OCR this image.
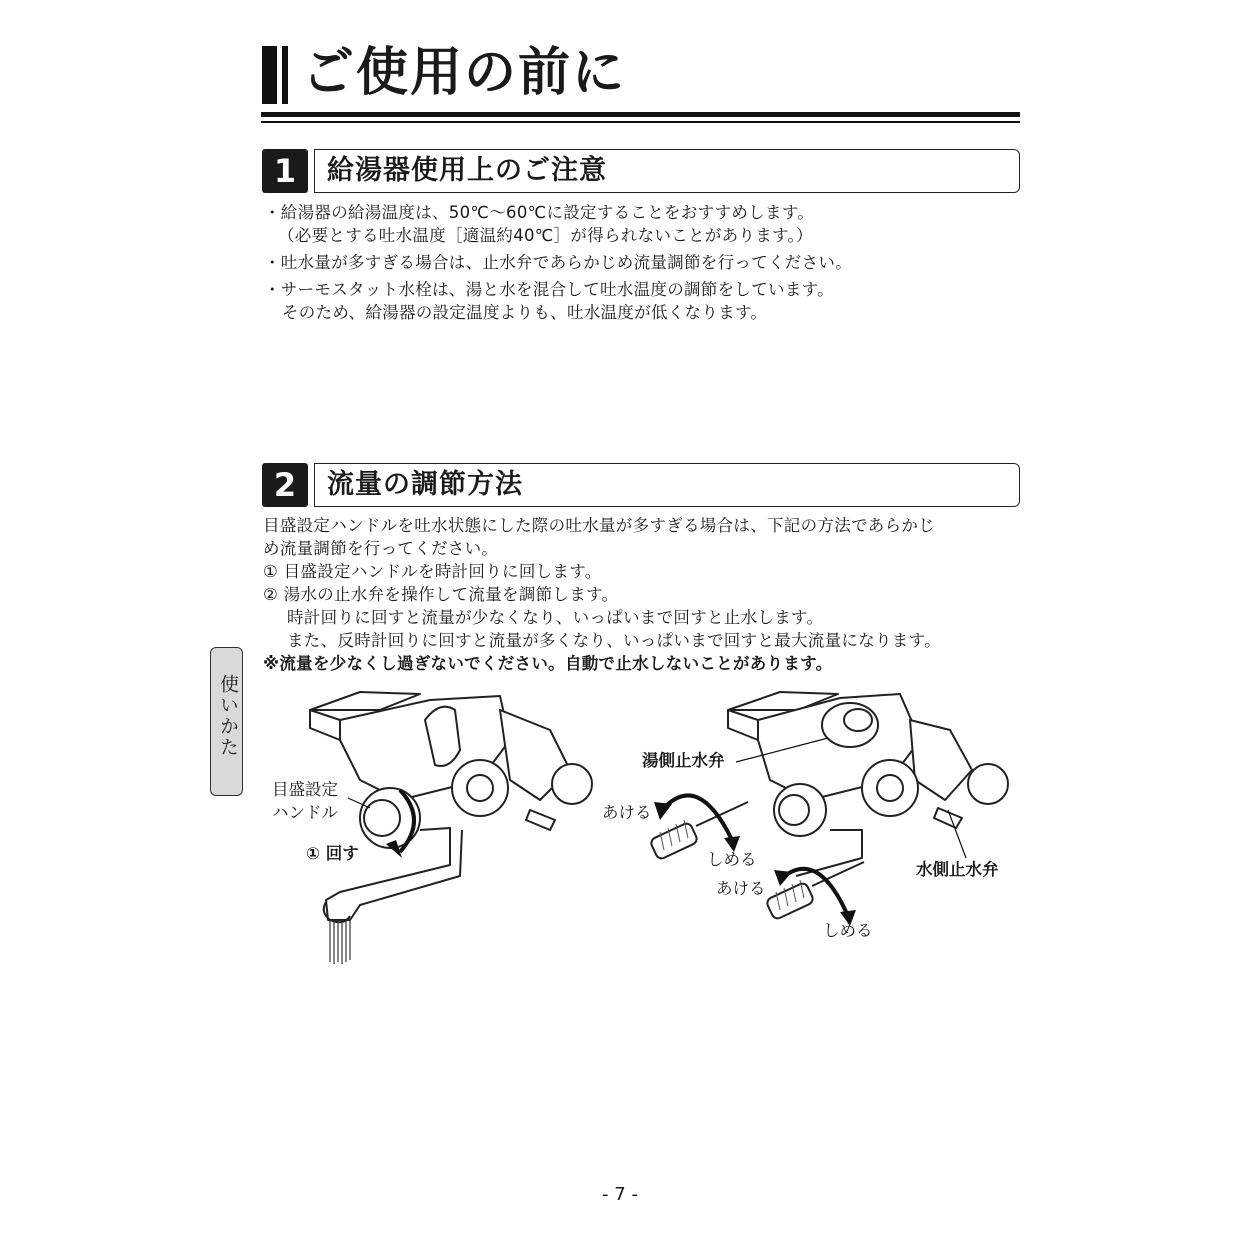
ご使用の前に
1	給湯器使用上のご注意
・給湯器の給湯温度は、50℃～60℃に設定することをおすすめします。
（必要とする吐水温度［適温約40℃］が得られないことがあります。）
・吐水量が多すぎる場合は、止水弁であらかじめ流量調節を行ってください。
・サーモスタット水栓は、湯と水を混合して吐水温度の調節をしています。
そのため、給湯器の設定温度よりも、吐水温度が低くなります。
2	流量の調節方法
目盛設定ハンドルを吐水状態にした際の吐水量が多すぎる場合は、下記の方法であらかじ
め流量調節を行ってください。
① 目盛設定ハンドルを時計回りに回します。
② 湯水の止水弁を操作して流量を調節します。
時計回りに回すと流量が少なくなり、いっぱいまで回すと止水します。
また、反時計回りに回すと流量が多くなり、いっぱいまで回すと最大流量になります。
※流量を少なくし過ぎないでください。自動で止水しないことがあります。
使いかた
目盛設定
ハンドル
① 回す
湯側止水弁
あける
しめる
水側止水弁
あける
しめる
- 7 -
